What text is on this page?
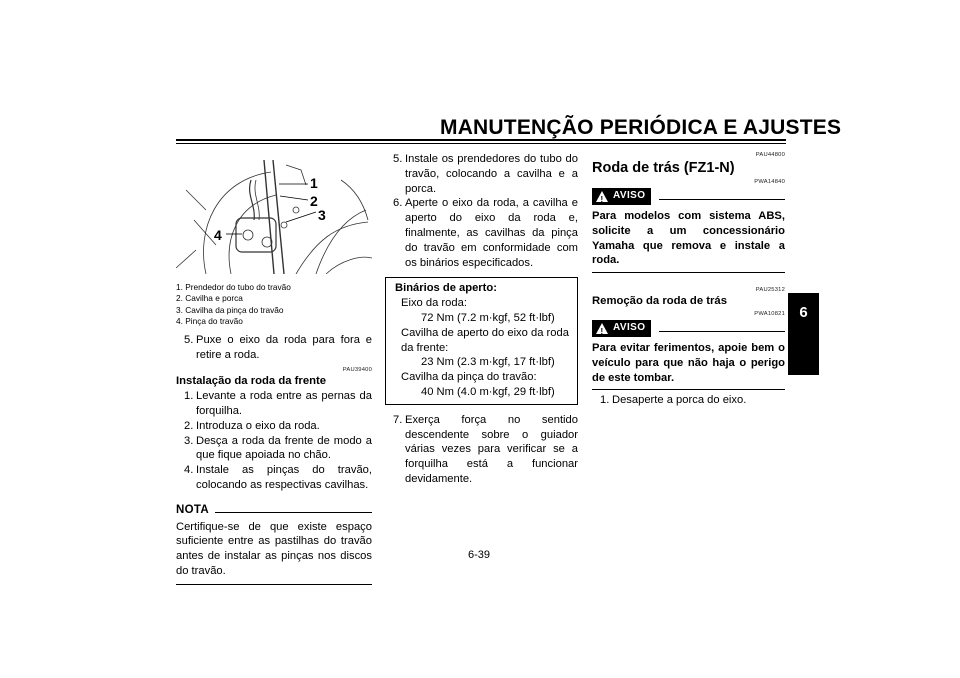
MANUTENÇÃO PERIÓDICA E AJUSTES
6
1
2
3
4
1. Prendedor do tubo do travão
2. Cavilha e porca
3. Cavilha da pinça do travão
4. Pinça do travão
5. Puxe o eixo da roda para fora e retire a roda.
PAU39400
Instalação da roda da frente
1. Levante a roda entre as pernas da forquilha.
2. Introduza o eixo da roda.
3. Desça a roda da frente de modo a que fique apoiada no chão.
4. Instale as pinças do travão, colocando as respectivas cavilhas.
NOTA
Certifique-se de que existe espaço suficiente entre as pastilhas do travão antes de instalar as pinças nos discos do travão.
5. Instale os prendedores do tubo do travão, colocando a cavilha e a porca.
6. Aperte o eixo da roda, a cavilha e aperto do eixo da roda e, finalmente, as cavilhas da pinça do travão em conformidade com os binários especificados.
Binários de aperto:
Eixo da roda:
72 Nm (7.2 m·kgf, 52 ft·lbf)
Cavilha de aperto do eixo da roda da frente:
23 Nm (2.3 m·kgf, 17 ft·lbf)
Cavilha da pinça do travão:
40 Nm (4.0 m·kgf, 29 ft·lbf)
7. Exerça força no sentido descendente sobre o guiador várias vezes para verificar se a forquilha está a funcionar devidamente.
PAU44800
Roda de trás (FZ1-N)
PWA14840
! AVISO
Para modelos com sistema ABS, solicite a um concessionário Yamaha que remova e instale a roda.
PAU25312
Remoção da roda de trás
PWA10821
! AVISO
Para evitar ferimentos, apoie bem o veículo para que não haja o perigo de este tombar.
1. Desaperte a porca do eixo.
6-39
